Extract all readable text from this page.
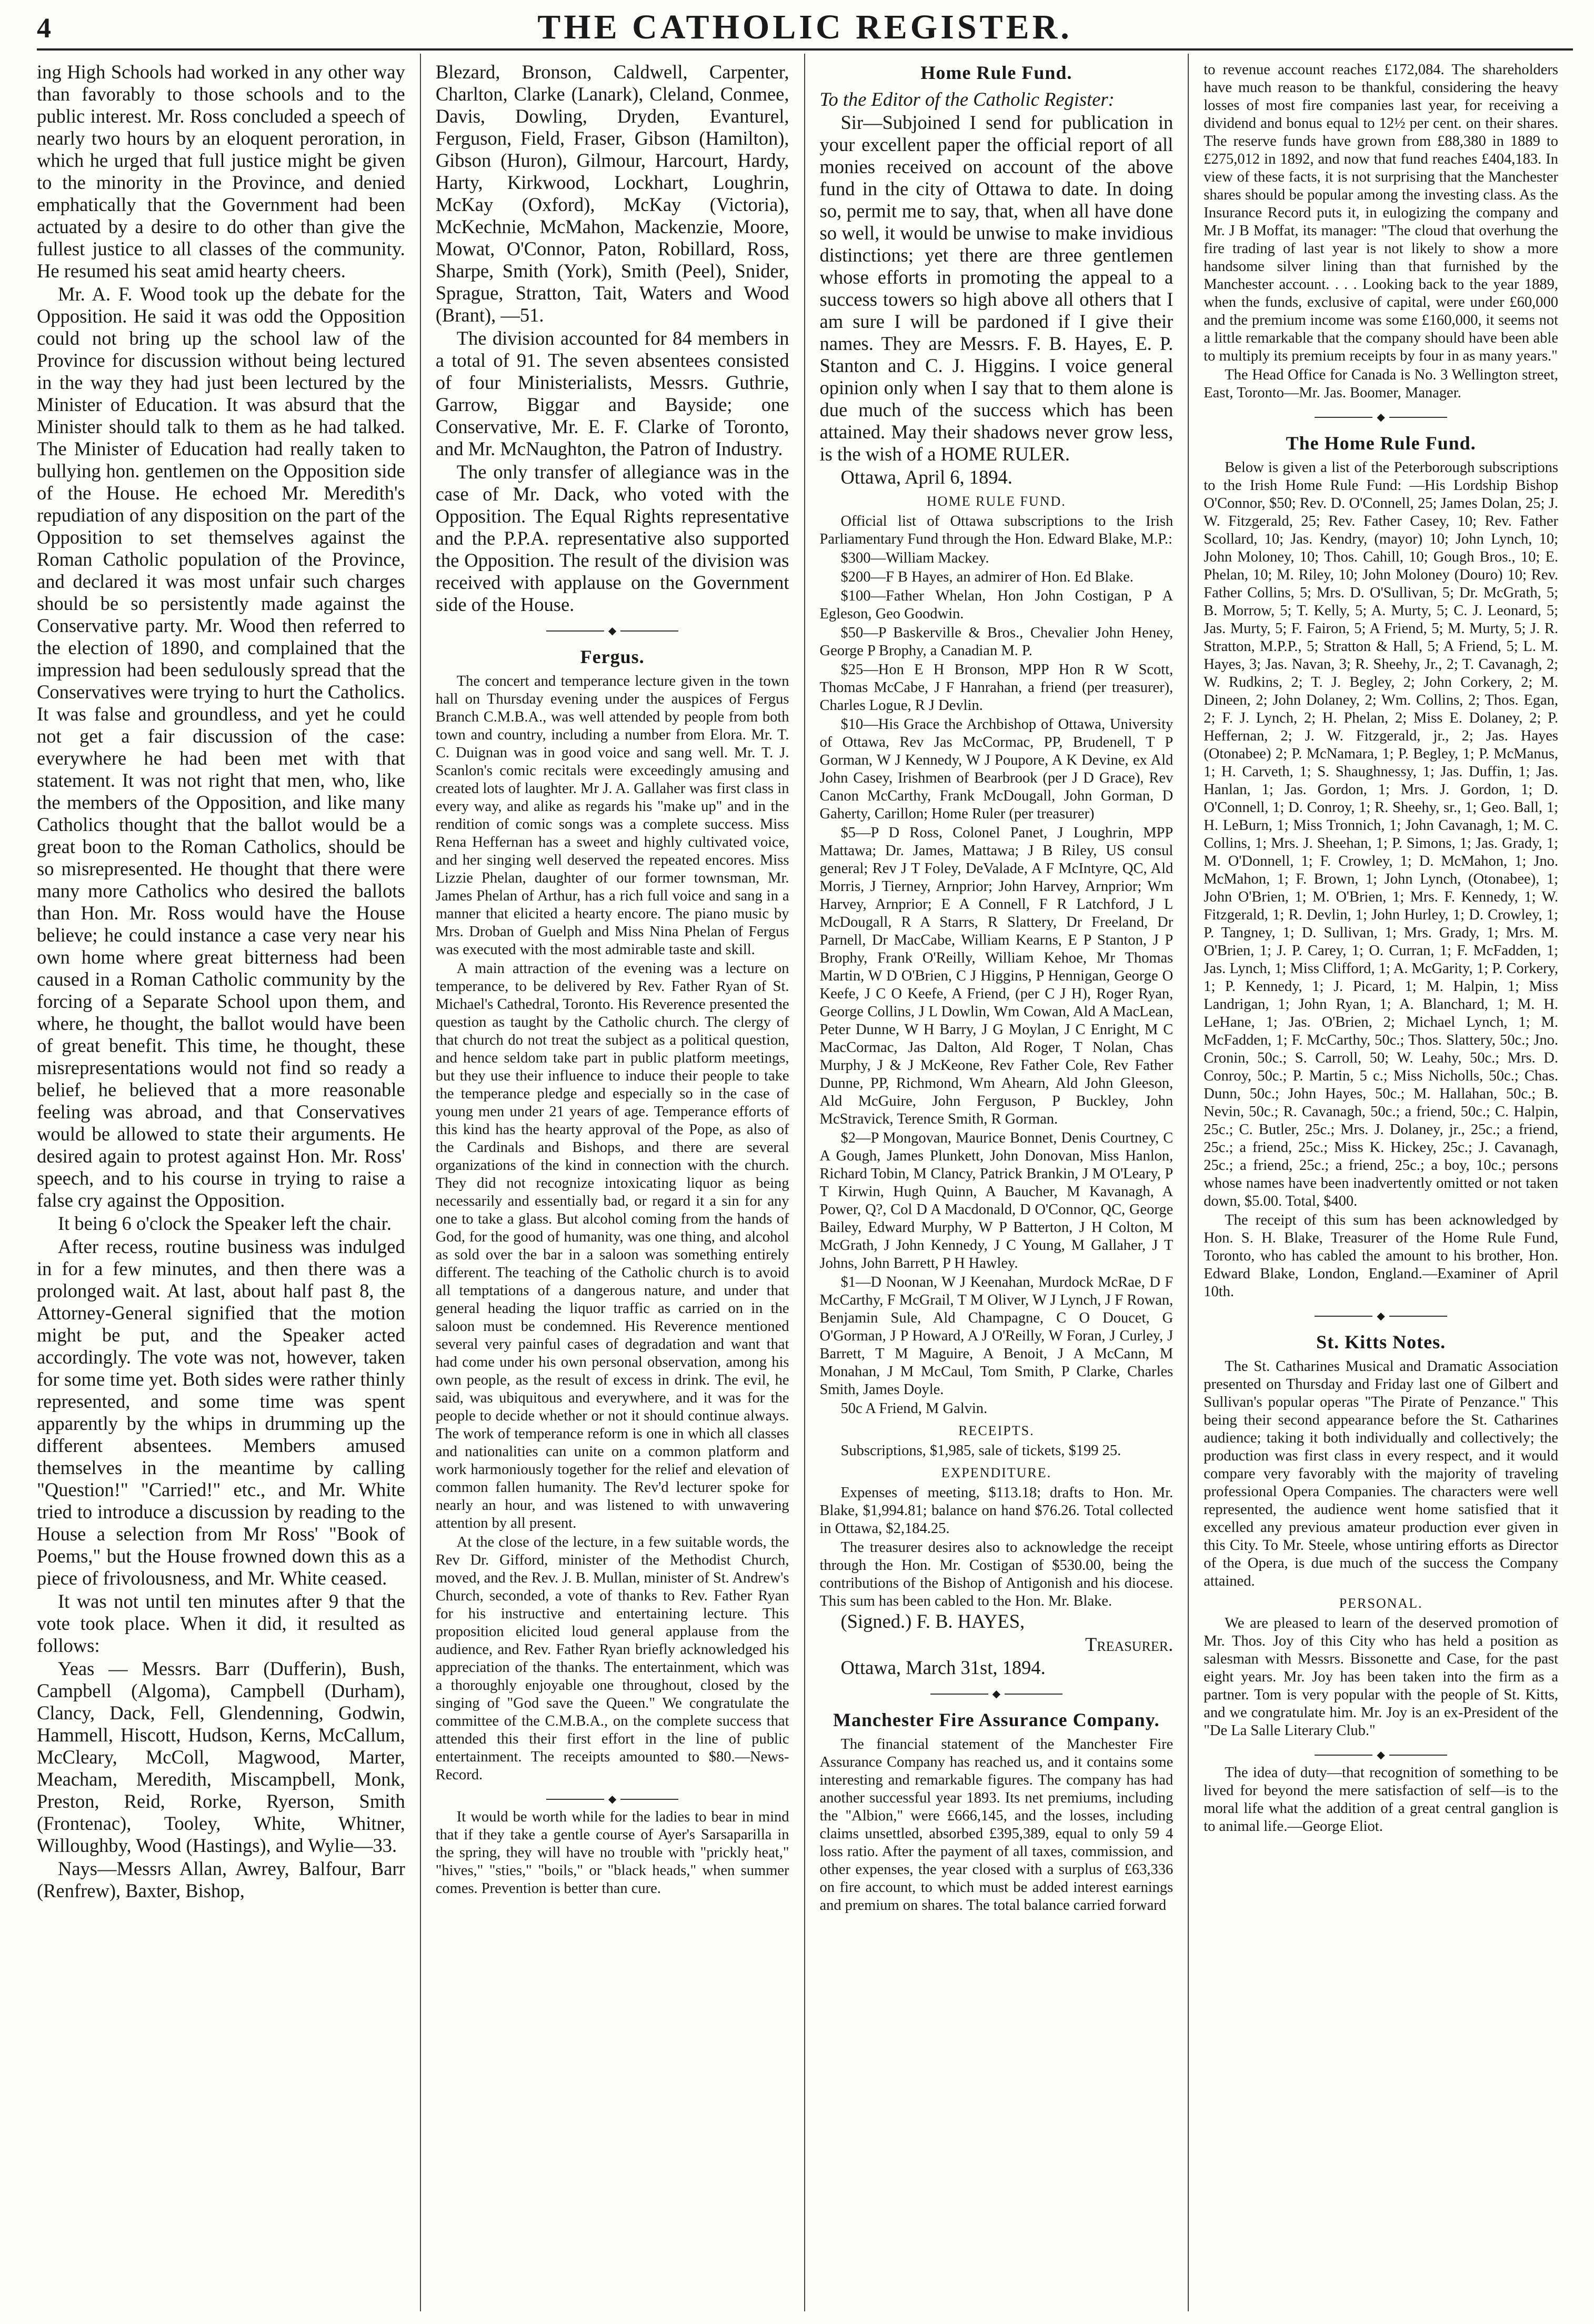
4	THE CATHOLIC REGISTER.

ing High Schools had worked in any other way than favorably to those schools and to the public interest. Mr. Ross concluded a speech of nearly two hours by an eloquent peroration, in which he urged that full justice might be given to the minority in the Province, and denied emphatically that the Government had been actuated by a desire to do other than give the fullest justice to all classes of the community. He resumed his seat amid hearty cheers.

Mr. A. F. Wood took up the debate for the Opposition. He said it was odd the Opposition could not bring up the school law of the Province for discussion without being lectured in the way they had just been lectured by the Minister of Education. It was absurd that the Minister should talk to them as he had talked. The Minister of Education had really taken to bullying hon. gentlemen on the Opposition side of the House. He echoed Mr. Meredith's repudiation of any disposition on the part of the Opposition to set themselves against the Roman Catholic population of the Province, and declared it was most unfair such charges should be so persistently made against the Conservative party. Mr. Wood then referred to the election of 1890, and complained that the impression had been sedulously spread that the Conservatives were trying to hurt the Catholics. It was false and groundless, and yet he could not get a fair discussion of the case: everywhere he had been met with that statement. It was not right that men, who, like the members of the Opposition, and like many Catholics thought that the ballot would be a great boon to the Roman Catholics, should be so misrepresented. He thought that there were many more Catholics who desired the ballots than Hon. Mr. Ross would have the House believe; he could instance a case very near his own home where great bitterness had been caused in a Roman Catholic community by the forcing of a Separate School upon them, and where, he thought, the ballot would have been of great benefit. This time, he thought, these misrepresentations would not find so ready a belief, he believed that a more reasonable feeling was abroad, and that Conservatives would be allowed to state their arguments. He desired again to protest against Hon. Mr. Ross' speech, and to his course in trying to raise a false cry against the Opposition.

It being 6 o'clock the Speaker left the chair.

After recess, routine business was indulged in for a few minutes, and then there was a prolonged wait. At last, about half past 8, the Attorney-General signified that the motion might be put, and the Speaker acted accordingly. The vote was not, however, taken for some time yet. Both sides were rather thinly represented, and some time was spent apparently by the whips in drumming up the different absentees. Members amused themselves in the meantime by calling "Question!" "Carried!" etc., and Mr. White tried to introduce a discussion by reading to the House a selection from Mr Ross' "Book of Poems," but the House frowned down this as a piece of frivolousness, and Mr. White ceased.

It was not until ten minutes after 9 that the vote took place. When it did, it resulted as follows:

Yeas — Messrs. Barr (Dufferin), Bush, Campbell (Algoma), Campbell (Durham), Clancy, Dack, Fell, Glendenning, Godwin, Hammell, Hiscott, Hudson, Kerns, McCallum, McCleary, McColl, Magwood, Marter, Meacham, Meredith, Miscampbell, Monk, Preston, Reid, Rorke, Ryerson, Smith (Frontenac), Tooley, White, Whitner, Willoughby, Wood (Hastings), and Wylie—33.

Nays—Messrs Allan, Awrey, Balfour, Barr (Renfrew), Baxter, Bishop,

Blezard, Bronson, Caldwell, Carpenter, Charlton, Clarke (Lanark), Cleland, Conmee, Davis, Dowling, Dryden, Evanturel, Ferguson, Field, Fraser, Gibson (Hamilton), Gibson (Huron), Gilmour, Harcourt, Hardy, Harty, Kirkwood, Lockhart, Loughrin, McKay (Oxford), McKay (Victoria), McKechnie, McMahon, Mackenzie, Moore, Mowat, O'Connor, Paton, Robillard, Ross, Sharpe, Smith (York), Smith (Peel), Snider, Sprague, Stratton, Tait, Waters and Wood (Brant), —51.

The division accounted for 84 members in a total of 91. The seven absentees consisted of four Ministerialists, Messrs. Guthrie, Garrow, Biggar and Bayside; one Conservative, Mr. E. F. Clarke of Toronto, and Mr. McNaughton, the Patron of Industry.

The only transfer of allegiance was in the case of Mr. Dack, who voted with the Opposition. The Equal Rights representative and the P.P.A. representative also supported the Opposition. The result of the division was received with applause on the Government side of the House.

◆
Fergus.

The concert and temperance lecture given in the town hall on Thursday evening under the auspices of Fergus Branch C.M.B.A., was well attended by people from both town and country, including a number from Elora. Mr. T. C. Duignan was in good voice and sang well. Mr. T. J. Scanlon's comic recitals were exceedingly amusing and created lots of laughter. Mr J. A. Gallaher was first class in every way, and alike as regards his "make up" and in the rendition of comic songs was a complete success. Miss Rena Heffernan has a sweet and highly cultivated voice, and her singing well deserved the repeated encores. Miss Lizzie Phelan, daughter of our former townsman, Mr. James Phelan of Arthur, has a rich full voice and sang in a manner that elicited a hearty encore. The piano music by Mrs. Droban of Guelph and Miss Nina Phelan of Fergus was executed with the most admirable taste and skill.

A main attraction of the evening was a lecture on temperance, to be delivered by Rev. Father Ryan of St. Michael's Cathedral, Toronto. His Reverence presented the question as taught by the Catholic church. The clergy of that church do not treat the subject as a political question, and hence seldom take part in public platform meetings, but they use their influence to induce their people to take the temperance pledge and especially so in the case of young men under 21 years of age. Temperance efforts of this kind has the hearty approval of the Pope, as also of the Cardinals and Bishops, and there are several organizations of the kind in connection with the church. They did not recognize intoxicating liquor as being necessarily and essentially bad, or regard it a sin for any one to take a glass. But alcohol coming from the hands of God, for the good of humanity, was one thing, and alcohol as sold over the bar in a saloon was something entirely different. The teaching of the Catholic church is to avoid all temptations of a dangerous nature, and under that general heading the liquor traffic as carried on in the saloon must be condemned. His Reverence mentioned several very painful cases of degradation and want that had come under his own personal observation, among his own people, as the result of excess in drink. The evil, he said, was ubiquitous and everywhere, and it was for the people to decide whether or not it should continue always. The work of temperance reform is one in which all classes and nationalities can unite on a common platform and work harmoniously together for the relief and elevation of common fallen humanity. The Rev'd lecturer spoke for nearly an hour, and was listened to with unwavering attention by all present.

At the close of the lecture, in a few suitable words, the Rev Dr. Gifford, minister of the Methodist Church, moved, and the Rev. J. B. Mullan, minister of St. Andrew's Church, seconded, a vote of thanks to Rev. Father Ryan for his instructive and entertaining lecture. This proposition elicited loud general applause from the audience, and Rev. Father Ryan briefly acknowledged his appreciation of the thanks. The entertainment, which was a thoroughly enjoyable one throughout, closed by the singing of "God save the Queen." We congratulate the committee of the C.M.B.A., on the complete success that attended this their first effort in the line of public entertainment. The receipts amounted to $80.—News-Record.

◆

It would be worth while for the ladies to bear in mind that if they take a gentle course of Ayer's Sarsaparilla in the spring, they will have no trouble with "prickly heat," "hives," "sties," "boils," or "black heads," when summer comes. Prevention is better than cure.

Home Rule Fund.

To the Editor of the Catholic Register:

Sir—Subjoined I send for publication in your excellent paper the official report of all monies received on account of the above fund in the city of Ottawa to date. In doing so, permit me to say, that, when all have done so well, it would be unwise to make invidious distinctions; yet there are three gentlemen whose efforts in promoting the appeal to a success towers so high above all others that I am sure I will be pardoned if I give their names. They are Messrs. F. B. Hayes, E. P. Stanton and C. J. Higgins. I voice general opinion only when I say that to them alone is due much of the success which has been attained. May their shadows never grow less, is the wish of a HOME RULER.

Ottawa, April 6, 1894.

HOME RULE FUND.

Official list of Ottawa subscriptions to the Irish Parliamentary Fund through the Hon. Edward Blake, M.P.:

$300—William Mackey.

$200—F B Hayes, an admirer of Hon. Ed Blake.

$100—Father Whelan, Hon John Costigan, P A Egleson, Geo Goodwin.

$50—P Baskerville & Bros., Chevalier John Heney, George P Brophy, a Canadian M. P.

$25—Hon E H Bronson, MPP Hon R W Scott, Thomas McCabe, J F Hanrahan, a friend (per treasurer), Charles Logue, R J Devlin.

$10—His Grace the Archbishop of Ottawa, University of Ottawa, Rev Jas McCormac, PP, Brudenell, T P Gorman, W J Kennedy, W J Poupore, A K Devine, ex Ald John Casey, Irishmen of Bearbrook (per J D Grace), Rev Canon McCarthy, Frank McDougall, John Gorman, D Gaherty, Carillon; Home Ruler (per treasurer)

$5—P D Ross, Colonel Panet, J Loughrin, MPP Mattawa; Dr. James, Mattawa; J B Riley, US consul general; Rev J T Foley, DeValade, A F McIntyre, QC, Ald Morris, J Tierney, Arnprior; John Harvey, Arnprior; Wm Harvey, Arnprior; E A Connell, F R Latchford, J L McDougall, R A Starrs, R Slattery, Dr Freeland, Dr Parnell, Dr MacCabe, William Kearns, E P Stanton, J P Brophy, Frank O'Reilly, William Kehoe, Mr Thomas Martin, W D O'Brien, C J Higgins, P Hennigan, George O Keefe, J C O Keefe, A Friend, (per C J H), Roger Ryan, George Collins, J L Dowlin, Wm Cowan, Ald A MacLean, Peter Dunne, W H Barry, J G Moylan, J C Enright, M C MacCormac, Jas Dalton, Ald Roger, T Nolan, Chas Murphy, J & J McKeone, Rev Father Cole, Rev Father Dunne, PP, Richmond, Wm Ahearn, Ald John Gleeson, Ald McGuire, John Ferguson, P Buckley, John McStravick, Terence Smith, R Gorman.

$2—P Mongovan, Maurice Bonnet, Denis Courtney, C A Gough, James Plunkett, John Donovan, Miss Hanlon, Richard Tobin, M Clancy, Patrick Brankin, J M O'Leary, P T Kirwin, Hugh Quinn, A Baucher, M Kavanagh, A Power, Q?, Col D A Macdonald, D O'Connor, QC, George Bailey, Edward Murphy, W P Batterton, J H Colton, M McGrath, J John Kennedy, J C Young, M Gallaher, J T Johns, John Barrett, P H Hawley.

$1—D Noonan, W J Keenahan, Murdock McRae, D F McCarthy, F McGrail, T M Oliver, W J Lynch, J F Rowan, Benjamin Sule, Ald Champagne, C O Doucet, G O'Gorman, J P Howard, A J O'Reilly, W Foran, J Curley, J Barrett, T M Maguire, A Benoit, J A McCann, M Monahan, J M McCaul, Tom Smith, P Clarke, Charles Smith, James Doyle.

50c A Friend, M Galvin.

RECEIPTS.

Subscriptions, $1,985, sale of tickets, $199 25.

EXPENDITURE.

Expenses of meeting, $113.18; drafts to Hon. Mr. Blake, $1,994.81; balance on hand $76.26. Total collected in Ottawa, $2,184.25.

The treasurer desires also to acknowledge the receipt through the Hon. Mr. Costigan of $530.00, being the contributions of the Bishop of Antigonish and his diocese. This sum has been cabled to the Hon. Mr. Blake.

(Signed.) F. B. HAYES,

Treasurer.

Ottawa, March 31st, 1894.

◆
Manchester Fire Assurance Company.

The financial statement of the Manchester Fire Assurance Company has reached us, and it contains some interesting and remarkable figures. The company has had another successful year 1893. Its net premiums, including the "Albion," were £666,145, and the losses, including claims unsettled, absorbed £395,389, equal to only 59 4 loss ratio. After the payment of all taxes, commission, and other expenses, the year closed with a surplus of £63,336 on fire account, to which must be added interest earnings and premium on shares. The total balance carried forward

to revenue account reaches £172,084. The shareholders have much reason to be thankful, considering the heavy losses of most fire companies last year, for receiving a dividend and bonus equal to 12½ per cent. on their shares. The reserve funds have grown from £88,380 in 1889 to £275,012 in 1892, and now that fund reaches £404,183. In view of these facts, it is not surprising that the Manchester shares should be popular among the investing class. As the Insurance Record puts it, in eulogizing the company and Mr. J B Moffat, its manager: "The cloud that overhung the fire trading of last year is not likely to show a more handsome silver lining than that furnished by the Manchester account. . . . Looking back to the year 1889, when the funds, exclusive of capital, were under £60,000 and the premium income was some £160,000, it seems not a little remarkable that the company should have been able to multiply its premium receipts by four in as many years."

The Head Office for Canada is No. 3 Wellington street, East, Toronto—Mr. Jas. Boomer, Manager.

◆
The Home Rule Fund.

Below is given a list of the Peterborough subscriptions to the Irish Home Rule Fund: —His Lordship Bishop O'Connor, $50; Rev. D. O'Connell, 25; James Dolan, 25; J. W. Fitzgerald, 25; Rev. Father Casey, 10; Rev. Father Scollard, 10; Jas. Kendry, (mayor) 10; John Lynch, 10; John Moloney, 10; Thos. Cahill, 10; Gough Bros., 10; E. Phelan, 10; M. Riley, 10; John Moloney (Douro) 10; Rev. Father Collins, 5; Mrs. D. O'Sullivan, 5; Dr. McGrath, 5; B. Morrow, 5; T. Kelly, 5; A. Murty, 5; C. J. Leonard, 5; Jas. Murty, 5; F. Fairon, 5; A Friend, 5; M. Murty, 5; J. R. Stratton, M.P.P., 5; Stratton & Hall, 5; A Friend, 5; L. M. Hayes, 3; Jas. Navan, 3; R. Sheehy, Jr., 2; T. Cavanagh, 2; W. Rudkins, 2; T. J. Begley, 2; John Corkery, 2; M. Dineen, 2; John Dolaney, 2; Wm. Collins, 2; Thos. Egan, 2; F. J. Lynch, 2; H. Phelan, 2; Miss E. Dolaney, 2; P. Heffernan, 2; J. W. Fitzgerald, jr., 2; Jas. Hayes (Otonabee) 2; P. McNamara, 1; P. Begley, 1; P. McManus, 1; H. Carveth, 1; S. Shaughnessy, 1; Jas. Duffin, 1; Jas. Hanlan, 1; Jas. Gordon, 1; Mrs. J. Gordon, 1; D. O'Connell, 1; D. Conroy, 1; R. Sheehy, sr., 1; Geo. Ball, 1; H. LeBurn, 1; Miss Tronnich, 1; John Cavanagh, 1; M. C. Collins, 1; Mrs. J. Sheehan, 1; P. Simons, 1; Jas. Grady, 1; M. O'Donnell, 1; F. Crowley, 1; D. McMahon, 1; Jno. McMahon, 1; F. Brown, 1; John Lynch, (Otonabee), 1; John O'Brien, 1; M. O'Brien, 1; Mrs. F. Kennedy, 1; W. Fitzgerald, 1; R. Devlin, 1; John Hurley, 1; D. Crowley, 1; P. Tangney, 1; D. Sullivan, 1; Mrs. Grady, 1; Mrs. M. O'Brien, 1; J. P. Carey, 1; O. Curran, 1; F. McFadden, 1; Jas. Lynch, 1; Miss Clifford, 1; A. McGarity, 1; P. Corkery, 1; P. Kennedy, 1; J. Picard, 1; M. Halpin, 1; Miss Landrigan, 1; John Ryan, 1; A. Blanchard, 1; M. H. LeHane, 1; Jas. O'Brien, 2; Michael Lynch, 1; M. McFadden, 1; F. McCarthy, 50c.; Thos. Slattery, 50c.; Jno. Cronin, 50c.; S. Carroll, 50; W. Leahy, 50c.; Mrs. D. Conroy, 50c.; P. Martin, 5 c.; Miss Nicholls, 50c.; Chas. Dunn, 50c.; John Hayes, 50c.; M. Hallahan, 50c.; B. Nevin, 50c.; R. Cavanagh, 50c.; a friend, 50c.; C. Halpin, 25c.; C. Butler, 25c.; Mrs. J. Dolaney, jr., 25c.; a friend, 25c.; a friend, 25c.; Miss K. Hickey, 25c.; J. Cavanagh, 25c.; a friend, 25c.; a friend, 25c.; a boy, 10c.; persons whose names have been inadvertently omitted or not taken down, $5.00. Total, $400.

The receipt of this sum has been acknowledged by Hon. S. H. Blake, Treasurer of the Home Rule Fund, Toronto, who has cabled the amount to his brother, Hon. Edward Blake, London, England.—Examiner of April 10th.

◆
St. Kitts Notes.

The St. Catharines Musical and Dramatic Association presented on Thursday and Friday last one of Gilbert and Sullivan's popular operas "The Pirate of Penzance." This being their second appearance before the St. Catharines audience; taking it both individually and collectively; the production was first class in every respect, and it would compare very favorably with the majority of traveling professional Opera Companies. The characters were well represented, the audience went home satisfied that it excelled any previous amateur production ever given in this City. To Mr. Steele, whose untiring efforts as Director of the Opera, is due much of the success the Company attained.

PERSONAL.

We are pleased to learn of the deserved promotion of Mr. Thos. Joy of this City who has held a position as salesman with Messrs. Bissonette and Case, for the past eight years. Mr. Joy has been taken into the firm as a partner. Tom is very popular with the people of St. Kitts, and we congratulate him. Mr. Joy is an ex-President of the "De La Salle Literary Club."

◆

The idea of duty—that recognition of something to be lived for beyond the mere satisfaction of self—is to the moral life what the addition of a great central ganglion is to animal life.—George Eliot.
